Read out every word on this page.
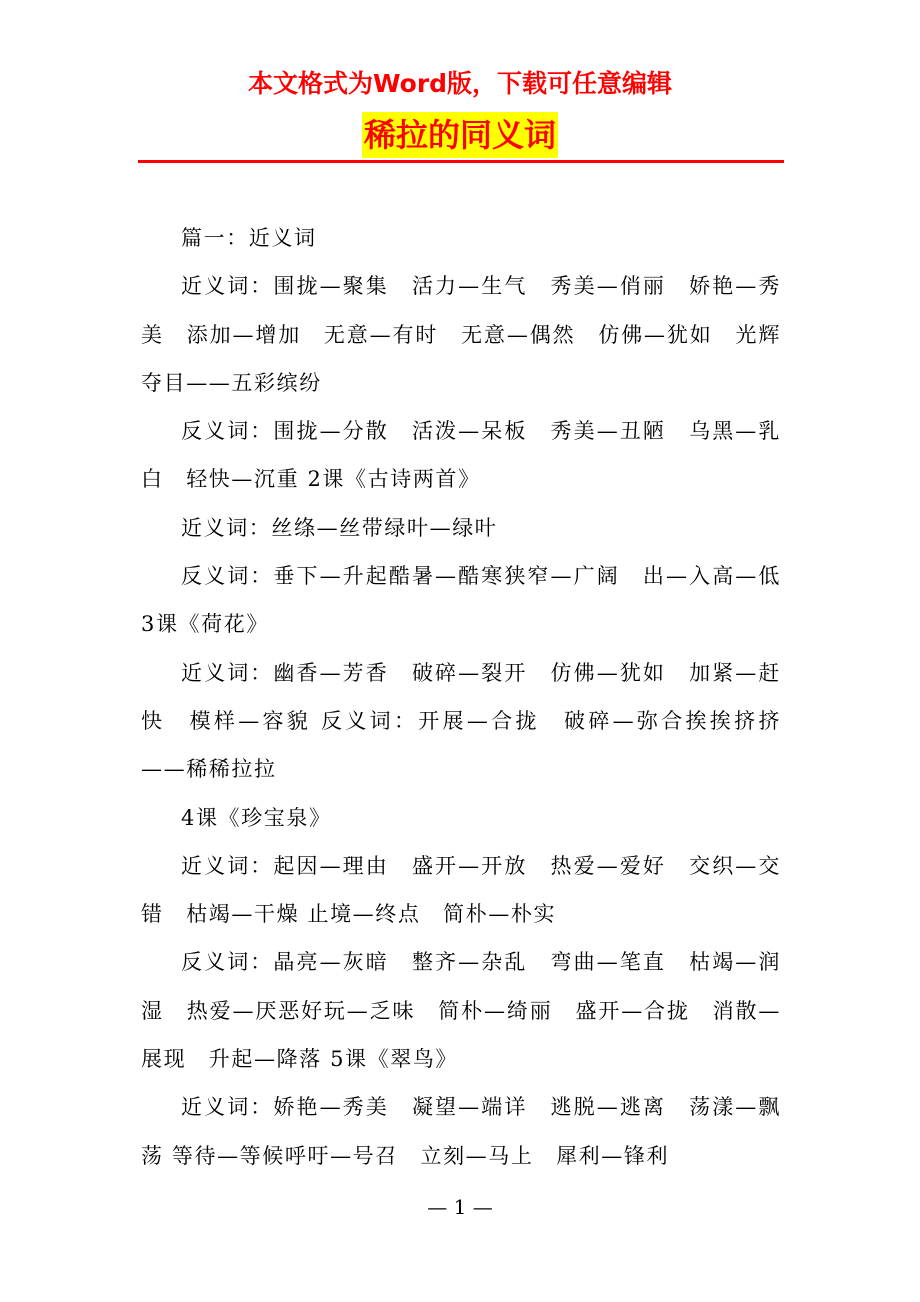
本文格式为Word版，下载可任意编辑
稀拉的同义词

篇一：近义词

近义词：围拢—聚集　活力—生气　秀美—俏丽　娇艳—秀美　添加—增加　无意—有时　无意—偶然　仿佛—犹如　光辉夺目——五彩缤纷

反义词：围拢—分散　活泼—呆板　秀美—丑陋　乌黑—乳白　轻快—沉重 2课《古诗两首》

近义词：丝绦—丝带绿叶—绿叶

反义词：垂下—升起酷暑—酷寒狭窄—广阔　出—入高—低 3课《荷花》

近义词：幽香—芳香　破碎—裂开　仿佛—犹如　加紧—赶快　模样—容貌 反义词：开展—合拢　破碎—弥合挨挨挤挤——稀稀拉拉

4课《珍宝泉》

近义词：起因—理由　盛开—开放　热爱—爱好　交织—交错　枯竭—干燥 止境—终点　简朴—朴实

反义词：晶亮—灰暗　整齐—杂乱　弯曲—笔直　枯竭—润湿　热爱—厌恶好玩—乏味　简朴—绮丽　盛开—合拢　消散—展现　升起—降落 5课《翠鸟》

近义词：娇艳—秀美　凝望—端详　逃脱—逃离　荡漾—飘荡 等待—等候呼吁—号召　立刻—马上　犀利—锋利

— 1 —
